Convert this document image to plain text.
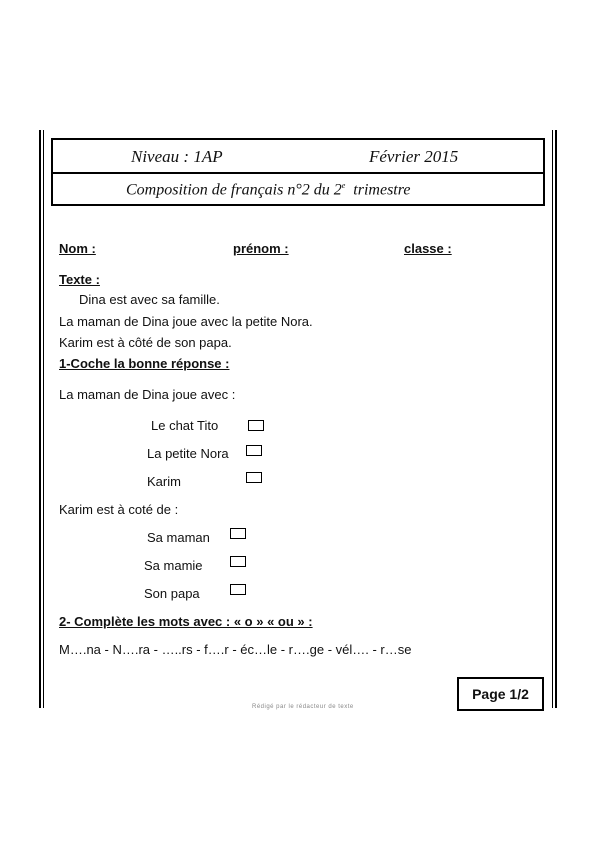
Niveau : 1AP	Février 2015
Composition de français n°2 du 2e trimestre
Nom :	prénom :	classe :
Texte :
Dina est avec sa famille.
La maman de Dina joue avec la petite Nora.
Karim est à côté de son papa.
1-Coche la bonne réponse :
La maman de Dina joue avec :
Le chat Tito
La petite Nora
Karim
Karim est à coté de :
Sa maman
Sa mamie
Son papa
2- Complète les mots avec : « o » « ou » :
M….na - N….ra - …..rs - f….r - éc…le - r….ge - vél…. - r…se
Page 1/2
Rédigé par le rédacteur de texte
